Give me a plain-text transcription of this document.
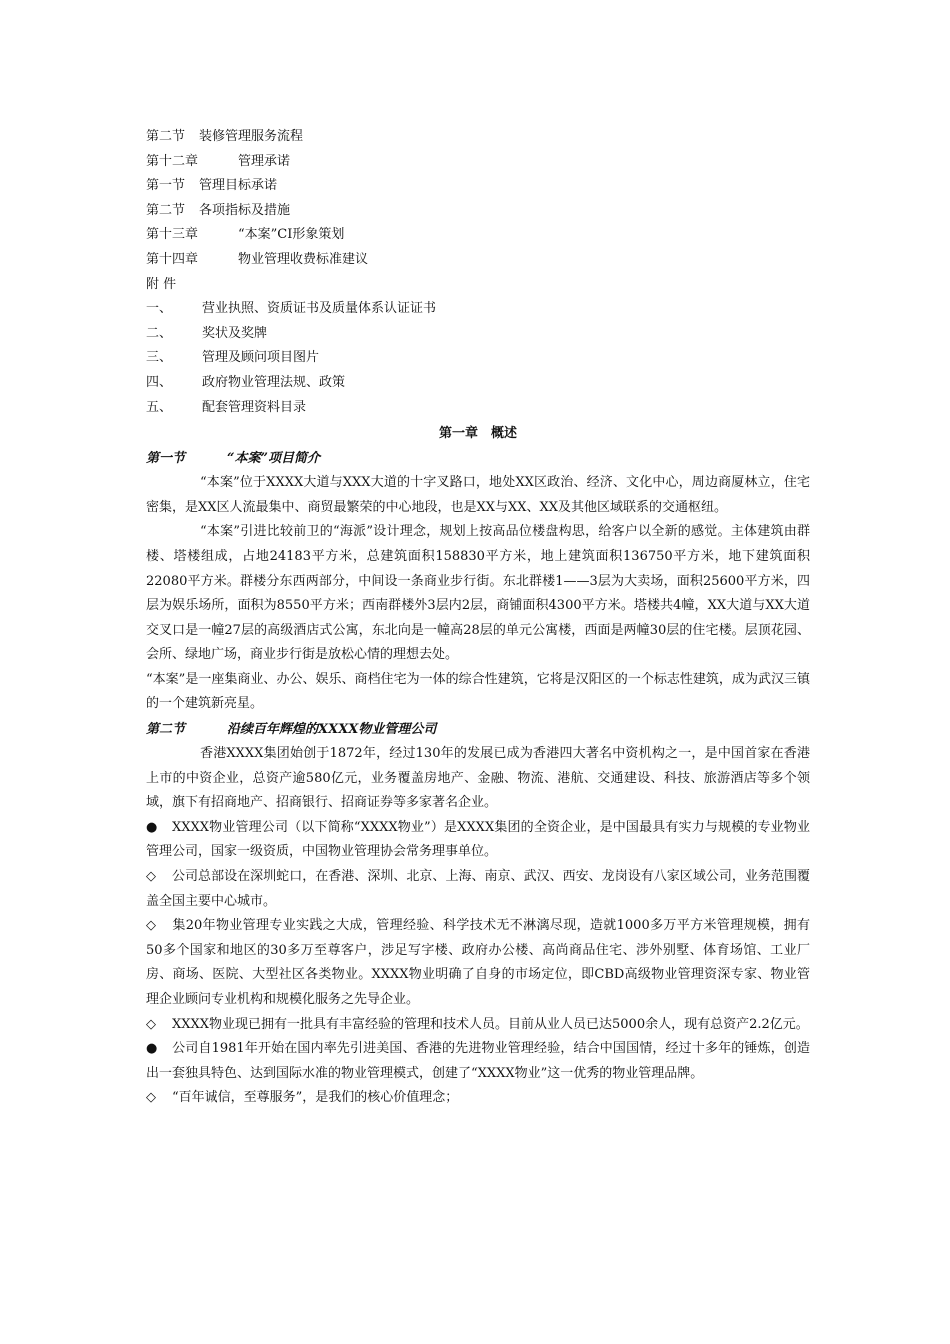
第二节 装修管理服务流程
第十二章	管理承诺
第一节 管理目标承诺
第二节 各项指标及措施
第十三章	“本案”CI形象策划
第十四章	物业管理收费标准建议
附 件
一、 营业执照、资质证书及质量体系认证证书
二、 奖状及奖牌
三、 管理及顾问项目图片
四、 政府物业管理法规、政策
五、 配套管理资料目录
第一章　概述
第一节	“本案”项目简介

“本案”位于XXXX大道与XXX大道的十字叉路口，地处XX区政治、经济、文化中心，周边商厦林立，住宅密集，是XX区人流最集中、商贸最繁荣的中心地段，也是XX与XX、XX及其他区域联系的交通枢纽。

“本案”引进比较前卫的“海派”设计理念，规划上按高品位楼盘构思，给客户以全新的感觉。主体建筑由群楼、塔楼组成，占地24183平方米，总建筑面积158830平方米，地上建筑面积136750平方米，地下建筑面积22080平方米。群楼分东西两部分，中间设一条商业步行街。东北群楼1——3层为大卖场，面积25600平方米，四层为娱乐场所，面积为8550平方米；西南群楼外3层内2层，商铺面积4300平方米。塔楼共4幢，XX大道与XX大道交叉口是一幢27层的高级酒店式公寓，东北向是一幢高28层的单元公寓楼，西面是两幢30层的住宅楼。层顶花园、会所、绿地广场，商业步行街是放松心情的理想去处。

“本案”是一座集商业、办公、娱乐、商档住宅为一体的综合性建筑，它将是汉阳区的一个标志性建筑，成为武汉三镇的一个建筑新亮星。

第二节	沿续百年辉煌的XXXX物业管理公司

香港XXXX集团始创于1872年，经过130年的发展已成为香港四大著名中资机构之一，是中国首家在香港上市的中资企业，总资产逾580亿元，业务覆盖房地产、金融、物流、港航、交通建设、科技、旅游酒店等多个领域，旗下有招商地产、招商银行、招商证券等多家著名企业。

● XXXX物业管理公司（以下简称“XXXX物业”）是XXXX集团的全资企业，是中国最具有实力与规模的专业物业管理公司，国家一级资质，中国物业管理协会常务理事单位。

◇ 公司总部设在深圳蛇口，在香港、深圳、北京、上海、南京、武汉、西安、龙岗设有八家区域公司，业务范围覆盖全国主要中心城市。

◇ 集20年物业管理专业实践之大成，管理经验、科学技术无不淋漓尽现，造就1000多万平方米管理规模，拥有50多个国家和地区的30多万至尊客户，涉足写字楼、政府办公楼、高尚商品住宅、涉外别墅、体育场馆、工业厂房、商场、医院、大型社区各类物业。XXXX物业明确了自身的市场定位，即CBD高级物业管理资深专家、物业管理企业顾问专业机构和规模化服务之先导企业。

◇ XXXX物业现已拥有一批具有丰富经验的管理和技术人员。目前从业人员已达5000余人，现有总资产2.2亿元。

● 公司自1981年开始在国内率先引进美国、香港的先进物业管理经验，结合中国国情，经过十多年的锤炼，创造出一套独具特色、达到国际水准的物业管理模式，创建了“XXXX物业”这一优秀的物业管理品牌。

◇ “百年诚信，至尊服务”，是我们的核心价值理念；
